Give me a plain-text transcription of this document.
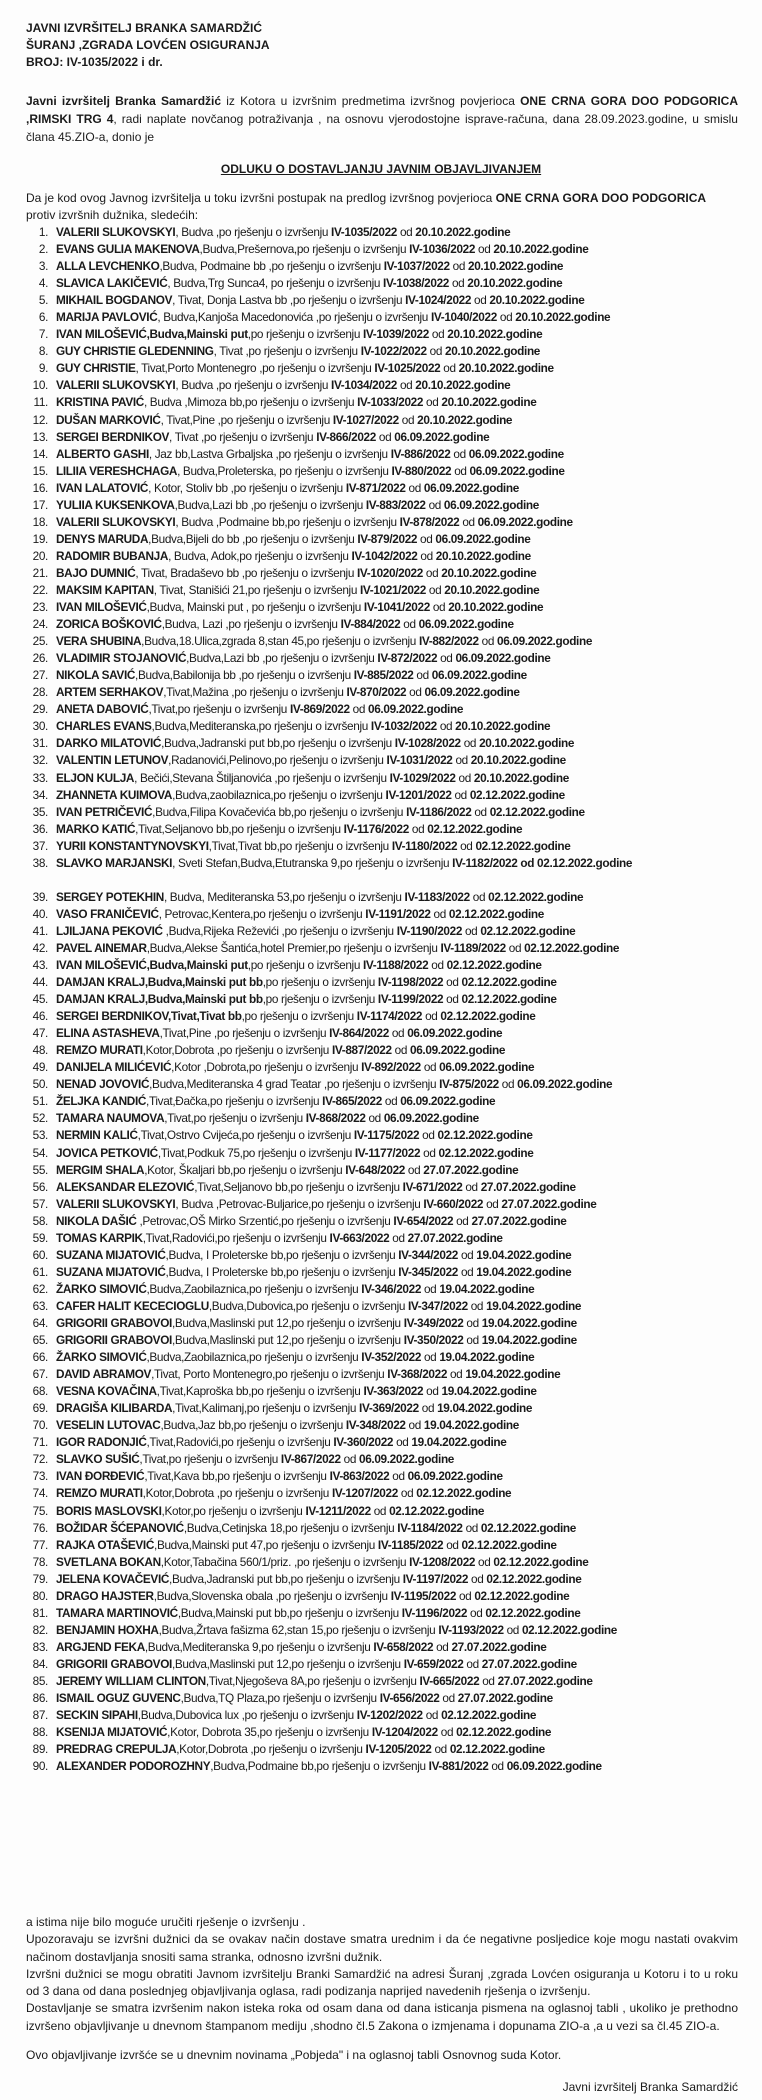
JAVNI IZVRŠITELJ BRANKA SAMARDŽIĆ
ŠURANJ ,ZGRADA LOVĆEN OSIGURANJA
BROJ: IV-1035/2022 i dr.
Javni izvršitelj Branka Samardžić iz Kotora u izvršnim predmetima izvršnog povjerioca ONE CRNA GORA DOO PODGORICA ,RIMSKI TRG 4, radi naplate novčanog potraživanja , na osnovu vjerodostojne isprave-računa, dana 28.09.2023.godine, u smislu člana 45.ZIO-a, donio je
ODLUKU O DOSTAVLJANJU JAVNIM OBJAVLJIVANJEM
Da je kod ovog Javnog izvršitelja u toku izvršni postupak na predlog izvršnog povjerioca ONE CRNA GORA DOO PODGORICA protiv izvršnih dužnika, sledećih:
1. VALERII SLUKOVSKYI, Budva ,po rješenju o izvršenju IV-1035/2022 od 20.10.2022.godine
2. EVANS GULIA MAKENOVA,Budva,Prešernova,po rješenju o izvršenju IV-1036/2022 od 20.10.2022.godine
3. ALLA LEVCHENKO,Budva, Podmaine bb ,po rješenju o izvršenju IV-1037/2022 od 20.10.2022.godine
4. SLAVICA LAKIČEVIĆ, Budva,Trg Sunca4, po rješenju o izvršenju IV-1038/2022 od 20.10.2022.godine
5. MIKHAIL BOGDANOV, Tivat, Donja Lastva bb ,po rješenju o izvršenju IV-1024/2022 od 20.10.2022.godine
6. MARIJA PAVLOVIĆ, Budva,Kanjoša Macedonovića ,po rješenju o izvršenju IV-1040/2022 od 20.10.2022.godine
7. IVAN MILOŠEVIĆ,Budva,Mainski put,po rješenju o izvršenju IV-1039/2022 od 20.10.2022.godine
8. GUY CHRISTIE GLEDENNING, Tivat ,po rješenju o izvršenju IV-1022/2022 od 20.10.2022.godine
9. GUY CHRISTIE, Tivat,Porto Montenegro ,po rješenju o izvršenju IV-1025/2022 od 20.10.2022.godine
10. VALERII SLUKOVSKYI, Budva ,po rješenju o izvršenju IV-1034/2022 od 20.10.2022.godine
11. KRISTINA PAVIĆ, Budva ,Mimoza bb,po rješenju o izvršenju IV-1033/2022 od 20.10.2022.godine
12. DUŠAN MARKOVIĆ, Tivat,Pine ,po rješenju o izvršenju IV-1027/2022 od 20.10.2022.godine
13. SERGEI BERDNIKOV, Tivat ,po rješenju o izvršenju IV-866/2022 od 06.09.2022.godine
14. ALBERTO GASHI, Jaz bb,Lastva Grbaljska ,po rješenju o izvršenju IV-886/2022 od 06.09.2022.godine
15. LILIIA VERESHCHAGA, Budva,Proleterska, po rješenju o izvršenju IV-880/2022 od 06.09.2022.godine
16. IVAN LALATOVIĆ, Kotor, Stoliv bb ,po rješenju o izvršenju IV-871/2022 od 06.09.2022.godine
17. YULIIA KUKSENKOVA,Budva,Lazi bb ,po rješenju o izvršenju IV-883/2022 od 06.09.2022.godine
18. VALERII SLUKOVSKYI, Budva ,Podmaine bb,po rješenju o izvršenju IV-878/2022 od 06.09.2022.godine
19. DENYS MARUDA,Budva,Bijeli do bb ,po rješenju o izvršenju IV-879/2022 od 06.09.2022.godine
20. RADOMIR BUBANJA, Budva, Adok,po rješenju o izvršenju IV-1042/2022 od 20.10.2022.godine
21. BAJO DUMNIĆ, Tivat, Bradaševo bb ,po rješenju o izvršenju IV-1020/2022 od 20.10.2022.godine
22. MAKSIM KAPITAN, Tivat, Stanišići 21,po rješenju o izvršenju IV-1021/2022 od 20.10.2022.godine
23. IVAN MILOŠEVIĆ,Budva, Mainski put , po rješenju o izvršenju IV-1041/2022 od 20.10.2022.godine
24. ZORICA BOŠKOVIĆ,Budva, Lazi ,po rješenju o izvršenju IV-884/2022 od 06.09.2022.godine
25. VERA SHUBINA,Budva,18.Ulica,zgrada 8,stan 45,po rješenju o izvršenju IV-882/2022 od 06.09.2022.godine
26. VLADIMIR STOJANOVIĆ,Budva,Lazi bb ,po rješenju o izvršenju IV-872/2022 od 06.09.2022.godine
27. NIKOLA SAVIĆ,Budva,Babilonija bb ,po rješenju o izvršenju IV-885/2022 od 06.09.2022.godine
28. ARTEM SERHAKOV,Tivat,Mažina ,po rješenju o izvršenju IV-870/2022 od 06.09.2022.godine
29. ANETA DABOVIĆ,Tivat,po rješenju o izvršenju IV-869/2022 od 06.09.2022.godine
30. CHARLES EVANS,Budva,Mediteranska,po rješenju o izvršenju IV-1032/2022 od 20.10.2022.godine
31. DARKO MILATOVIĆ,Budva,Jadranski put bb,po rješenju o izvršenju IV-1028/2022 od 20.10.2022.godine
32. VALENTIN LETUNOV,Radanovići,Pelinovo,po rješenju o izvršenju IV-1031/2022 od 20.10.2022.godine
33. ELJON KULJA, Bečići,Stevana Štiljanovića ,po rješenju o izvršenju IV-1029/2022 od 20.10.2022.godine
34. ZHANNETA KUIMOVA,Budva,zaobilaznica,po rješenju o izvršenju IV-1201/2022 od 02.12.2022.godine
35. IVAN PETRIČEVIĆ,Budva,Filipa Kovačevića bb,po rješenju o izvršenju IV-1186/2022 od 02.12.2022.godine
36. MARKO KATIĆ,Tivat,Seljanovo bb,po rješenju o izvršenju IV-1176/2022 od 02.12.2022.godine
37. YURII KONSTANTYNOVSKYI,Tivat,Tivat bb,po rješenju o izvršenju IV-1180/2022 od 02.12.2022.godine
38. SLAVKO MARJANSKI, Sveti Stefan,Budva,Etutranska 9,po rješenju o izvršenju IV-1182/2022 od 02.12.2022.godine
39. SERGEY POTEKHIN, Budva, Mediteranska 53,po rješenju o izvršenju IV-1183/2022 od 02.12.2022.godine
40. VASO FRANIČEVIĆ, Petrovac,Kentera,po rješenju o izvršenju IV-1191/2022 od 02.12.2022.godine
41. LJILJANA PEKOVIĆ ,Budva,Rijeka Reževići ,po rješenju o izvršenju IV-1190/2022 od 02.12.2022.godine
42. PAVEL AINEMAR,Budva,Alekse Šantića,hotel Premier,po rješenju o izvršenju IV-1189/2022 od 02.12.2022.godine
43. IVAN MILOŠEVIĆ,Budva,Mainski put,po rješenju o izvršenju IV-1188/2022 od 02.12.2022.godine
44. DAMJAN KRALJ,Budva,Mainski put bb,po rješenju o izvršenju IV-1198/2022 od 02.12.2022.godine
45. DAMJAN KRALJ,Budva,Mainski put bb,po rješenju o izvršenju IV-1199/2022 od 02.12.2022.godine
46. SERGEI BERDNIKOV,Tivat,Tivat bb,po rješenju o izvršenju IV-1174/2022 od 02.12.2022.godine
47. ELINA ASTASHEVA,Tivat,Pine ,po rješenju o izvršenju IV-864/2022 od 06.09.2022.godine
48. REMZO MURATI,Kotor,Dobrota ,po rješenju o izvršenju IV-887/2022 od 06.09.2022.godine
49. DANIJELA MILIĆEVIĆ,Kotor ,Dobrota,po rješenju o izvršenju IV-892/2022 od 06.09.2022.godine
50. NENAD JOVOVIĆ,Budva,Mediteranska 4 grad Teatar ,po rješenju o izvršenju IV-875/2022 od 06.09.2022.godine
51. ŽELJKA KANDIĆ,Tivat,Đačka,po rješenju o izvršenju IV-865/2022 od 06.09.2022.godine
52. TAMARA NAUMOVA,Tivat,po rješenju o izvršenju IV-868/2022 od 06.09.2022.godine
53. NERMIN KALIĆ,Tivat,Ostrvo Cvijeća,po rješenju o izvršenju IV-1175/2022 od 02.12.2022.godine
54. JOVICA PETKOVIĆ,Tivat,Podkuk 75,po rješenju o izvršenju IV-1177/2022 od 02.12.2022.godine
55. MERGIM SHALA,Kotor, Škaljari bb,po rješenju o izvršenju IV-648/2022 od 27.07.2022.godine
56. ALEKSANDAR ELEZOVIĆ,Tivat,Seljanovo bb,po rješenju o izvršenju IV-671/2022 od 27.07.2022.godine
57. VALERII SLUKOVSKYI, Budva ,Petrovac-Buljarice,po rješenju o izvršenju IV-660/2022 od 27.07.2022.godine
58. NIKOLA DAŠIĆ ,Petrovac,OŠ Mirko Srzentić,po rješenju o izvršenju IV-654/2022 od 27.07.2022.godine
59. TOMAS KARPIK,Tivat,Radovići,po rješenju o izvršenju IV-663/2022 od 27.07.2022.godine
60. SUZANA MIJATOVIĆ,Budva, I Proleterske bb,po rješenju o izvršenju IV-344/2022 od 19.04.2022.godine
61. SUZANA MIJATOVIĆ,Budva, I Proleterske bb,po rješenju o izvršenju IV-345/2022 od 19.04.2022.godine
62. ŽARKO SIMOVIĆ,Budva,Zaobilaznica,po rješenju o izvršenju IV-346/2022 od 19.04.2022.godine
63. CAFER HALIT KECECIOGLU,Budva,Dubovica,po rješenju o izvršenju IV-347/2022 od 19.04.2022.godine
64. GRIGORII GRABOVOI,Budva,Maslinski put 12,po rješenju o izvršenju IV-349/2022 od 19.04.2022.godine
65. GRIGORII GRABOVOI,Budva,Maslinski put 12,po rješenju o izvršenju IV-350/2022 od 19.04.2022.godine
66. ŽARKO SIMOVIĆ,Budva,Zaobilaznica,po rješenju o izvršenju IV-352/2022 od 19.04.2022.godine
67. DAVID ABRAMOV,Tivat, Porto Montenegro,po rješenju o izvršenju IV-368/2022 od 19.04.2022.godine
68. VESNA KOVAČINA,Tivat,Kaproška bb,po rješenju o izvršenju IV-363/2022 od 19.04.2022.godine
69. DRAGIŠA KILIBARDA,Tivat,Kalimanj,po rješenju o izvršenju IV-369/2022 od 19.04.2022.godine
70. VESELIN LUTOVAC,Budva,Jaz bb,po rješenju o izvršenju IV-348/2022 od 19.04.2022.godine
71. IGOR RADONJIĆ,Tivat,Radovići,po rješenju o izvršenju IV-360/2022 od 19.04.2022.godine
72. SLAVKO SUŠIĆ,Tivat,po rješenju o izvršenju IV-867/2022 od 06.09.2022.godine
73. IVAN ĐORĐEVIĆ,Tivat,Kava bb,po rješenju o izvršenju IV-863/2022 od 06.09.2022.godine
74. REMZO MURATI,Kotor,Dobrota ,po rješenju o izvršenju IV-1207/2022 od 02.12.2022.godine
75. BORIS MASLOVSKI,Kotor,po rješenju o izvršenju IV-1211/2022 od 02.12.2022.godine
76. BOŽIDAR ŠĆEPANOVIĆ,Budva,Cetinjska 18,po rješenju o izvršenju IV-1184/2022 od 02.12.2022.godine
77. RAJKA OTAŠEVIĆ,Budva,Mainski put 47,po rješenju o izvršenju IV-1185/2022 od 02.12.2022.godine
78. SVETLANA BOKAN,Kotor,Tabačina 560/1/priz. ,po rješenju o izvršenju IV-1208/2022 od 02.12.2022.godine
79. JELENA KOVAČEVIĆ,Budva,Jadranski put bb,po rješenju o izvršenju IV-1197/2022 od 02.12.2022.godine
80. DRAGO HAJSTER,Budva,Slovenska obala ,po rješenju o izvršenju IV-1195/2022 od 02.12.2022.godine
81. TAMARA MARTINOVIĆ,Budva,Mainski put bb,po rješenju o izvršenju IV-1196/2022 od 02.12.2022.godine
82. BENJAMIN HOXHA,Budva,Žrtava fašizma 62,stan 15,po rješenju o izvršenju IV-1193/2022 od 02.12.2022.godine
83. ARGJEND FEKA,Budva,Mediteranska 9,po rješenju o izvršenju IV-658/2022 od 27.07.2022.godine
84. GRIGORII GRABOVOI,Budva,Maslinski put 12,po rješenju o izvršenju IV-659/2022 od 27.07.2022.godine
85. JEREMY WILLIAM CLINTON,Tivat,Njegoševa 8A,po rješenju o izvršenju IV-665/2022 od 27.07.2022.godine
86. ISMAIL OGUZ GUVENC,Budva,TQ Plaza,po rješenju o izvršenju IV-656/2022 od 27.07.2022.godine
87. SECKIN SIPAHI,Budva,Dubovica lux ,po rješenju o izvršenju IV-1202/2022 od 02.12.2022.godine
88. KSENIJA MIJATOVIĆ,Kotor, Dobrota 35,po rješenju o izvršenju IV-1204/2022 od 02.12.2022.godine
89. PREDRAG CREPULJA,Kotor,Dobrota ,po rješenju o izvršenju IV-1205/2022 od 02.12.2022.godine
90. ALEXANDER PODOROZHNY,Budva,Podmaine bb,po rješenju o izvršenju IV-881/2022 od 06.09.2022.godine

a istima nije bilo moguće uručiti rješenje o izvršenju .

Upozoravaju se izvršni dužnici da se ovakav način dostave smatra urednim i da će negativne posljedice koje mogu nastati ovakvim načinom dostavljanja snositi sama stranka, odnosno izvršni dužnik.

Izvršni dužnici se mogu obratiti Javnom izvršitelju Branki Samardžić na adresi Šuranj ,zgrada Lovćen osiguranja u Kotoru i to u roku od 3 dana od dana poslednjeg objavljivanja oglasa, radi podizanja naprijed navedenih rješenja o izvršenju.

Dostavljanje se smatra izvršenim nakon isteka roka od osam dana od dana isticanja pismena na oglasnoj tabli , ukoliko je prethodno izvršeno objavljivanje u dnevnom štampanom mediju ,shodno čl.5 Zakona o izmjenama i dopunama ZIO-a ,a u vezi sa čl.45 ZIO-a.

Ovo objavljivanje izvršće se u dnevnim novinama „Pobjeda" i na oglasnoj tabli Osnovnog suda Kotor.
Javni izvršitelj Branka Samardžić
